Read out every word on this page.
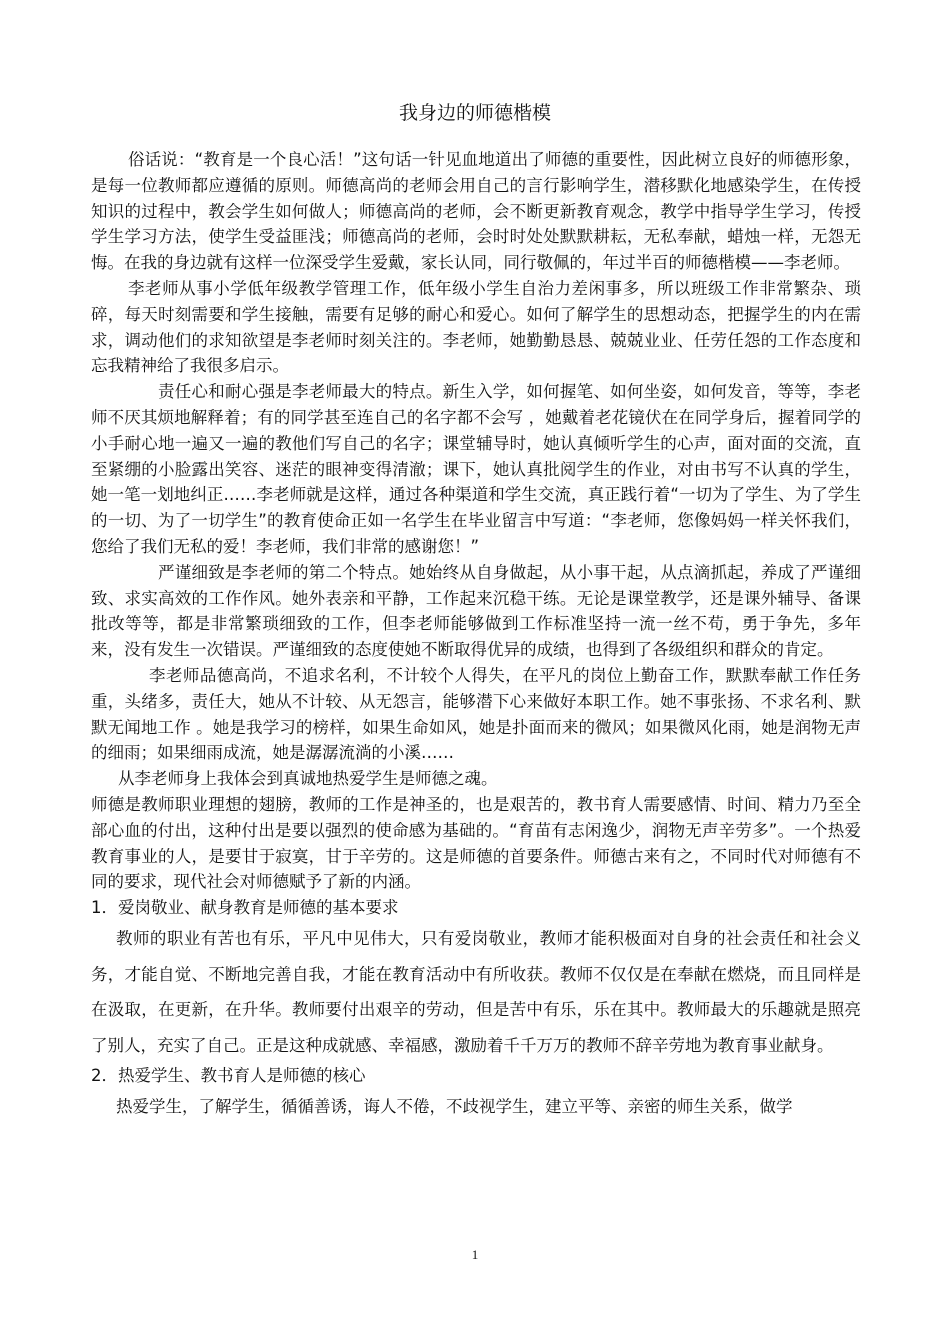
我身边的师德楷模

俗话说：“教育是一个良心活！”这句话一针见血地道出了师德的重要性，因此树立良好的师德形象，是每一位教师都应遵循的原则。师德高尚的老师会用自己的言行影响学生，潜移默化地感染学生，在传授知识的过程中，教会学生如何做人；师德高尚的老师，会不断更新教育观念，教学中指导学生学习，传授学生学习方法，使学生受益匪浅；师德高尚的老师，会时时处处默默耕耘，无私奉献，蜡烛一样，无怨无悔。在我的身边就有这样一位深受学生爱戴，家长认同，同行敬佩的，年过半百的师德楷模——李老师。

李老师从事小学低年级教学管理工作，低年级小学生自治力差闲事多，所以班级工作非常繁杂、琐碎，每天时刻需要和学生接触，需要有足够的耐心和爱心。如何了解学生的思想动态，把握学生的内在需求，调动他们的求知欲望是李老师时刻关注的。李老师，她勤勤恳恳、兢兢业业、任劳任怨的工作态度和忘我精神给了我很多启示。

责任心和耐心强是李老师最大的特点。新生入学，如何握笔、如何坐姿，如何发音，等等，李老师不厌其烦地解释着；有的同学甚至连自己的名字都不会写 ，她戴着老花镜伏在在同学身后，握着同学的小手耐心地一遍又一遍的教他们写自己的名字；课堂辅导时，她认真倾听学生的心声，面对面的交流，直至紧绷的小脸露出笑容、迷茫的眼神变得清澈；课下，她认真批阅学生的作业，对由书写不认真的学生，她一笔一划地纠正……李老师就是这样，通过各种渠道和学生交流，真正践行着“一切为了学生、为了学生的一切、为了一切学生”的教育使命正如一名学生在毕业留言中写道：“李老师，您像妈妈一样关怀我们，您给了我们无私的爱！李老师，我们非常的感谢您！”

严谨细致是李老师的第二个特点。她始终从自身做起，从小事干起，从点滴抓起，养成了严谨细致、求实高效的工作作风。她外表亲和平静，工作起来沉稳干练。无论是课堂教学，还是课外辅导、备课批改等等，都是非常繁琐细致的工作，但李老师能够做到工作标准坚持一流一丝不苟，勇于争先，多年来，没有发生一次错误。严谨细致的态度使她不断取得优异的成绩，也得到了各级组织和群众的肯定。

李老师品德高尚，不追求名利，不计较个人得失，在平凡的岗位上勤奋工作，默默奉献工作任务重，头绪多，责任大，她从不计较、从无怨言，能够潜下心来做好本职工作。她不事张扬、不求名利、默默无闻地工作 。她是我学习的榜样，如果生命如风，她是扑面而来的微风；如果微风化雨，她是润物无声的细雨；如果细雨成流，她是潺潺流淌的小溪……

从李老师身上我体会到真诚地热爱学生是师德之魂。

师德是教师职业理想的翅膀，教师的工作是神圣的，也是艰苦的，教书育人需要感情、时间、精力乃至全部心血的付出，这种付出是要以强烈的使命感为基础的。“育苗有志闲逸少，润物无声辛劳多”。一个热爱教育事业的人，是要甘于寂寞，甘于辛劳的。这是师德的首要条件。师德古来有之，不同时代对师德有不同的要求，现代社会对师德赋予了新的内涵。

1．爱岗敬业、献身教育是师德的基本要求

教师的职业有苦也有乐，平凡中见伟大，只有爱岗敬业，教师才能积极面对自身的社会责任和社会义务，才能自觉、不断地完善自我，才能在教育活动中有所收获。教师不仅仅是在奉献在燃烧，而且同样是在汲取，在更新，在升华。教师要付出艰辛的劳动，但是苦中有乐，乐在其中。教师最大的乐趣就是照亮了别人，充实了自己。正是这种成就感、幸福感，激励着千千万万的教师不辞辛劳地为教育事业献身。

2．热爱学生、教书育人是师德的核心

热爱学生，了解学生，循循善诱，诲人不倦，不歧视学生，建立平等、亲密的师生关系，做学

1
